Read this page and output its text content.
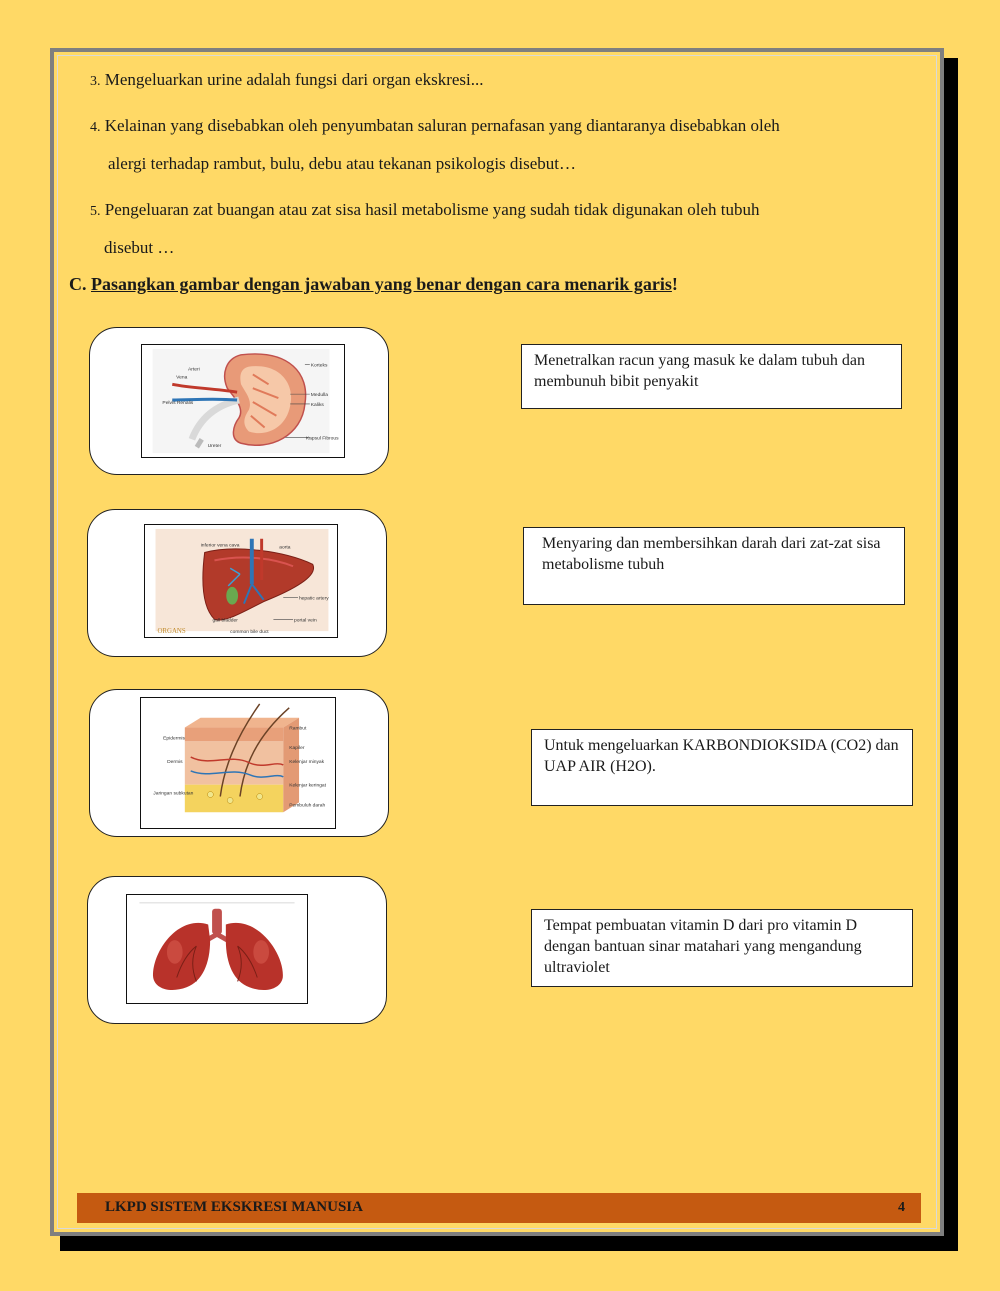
3. Mengeluarkan urine adalah fungsi dari organ ekskresi...
4. Kelainan yang disebabkan oleh penyumbatan saluran pernafasan yang diantaranya disebabkan oleh
alergi terhadap rambut, bulu, debu atau tekanan psikologis disebut…
5. Pengeluaran zat buangan atau zat sisa hasil metabolisme yang sudah tidak digunakan oleh tubuh
disebut …
C. Pasangkan gambar dengan jawaban yang benar dengan cara menarik garis!
Arteri
Vena
Pelvis Renalis
Ureter
Korteks
Medulla
Kaliks
Kapsul Fibrous
inferior vena cava	aorta
hepatic artery
gall bladder	portal vein
common bile duct
ORGANS
Epidermis
Dermis
Jaringan subkutan
Rambut
Kapiler
Kelenjar minyak
Kelenjar keringat
Pembuluh darah
Menetralkan racun yang masuk ke dalam tubuh dan membunuh bibit penyakit
Menyaring dan membersihkan darah dari zat-zat sisa metabolisme tubuh
Untuk mengeluarkan KARBONDIOKSIDA (CO2) dan UAP AIR (H2O).
Tempat pembuatan vitamin D dari pro vitamin D dengan bantuan sinar matahari yang mengandung ultraviolet
LKPD SISTEM EKSKRESI MANUSIA	4
